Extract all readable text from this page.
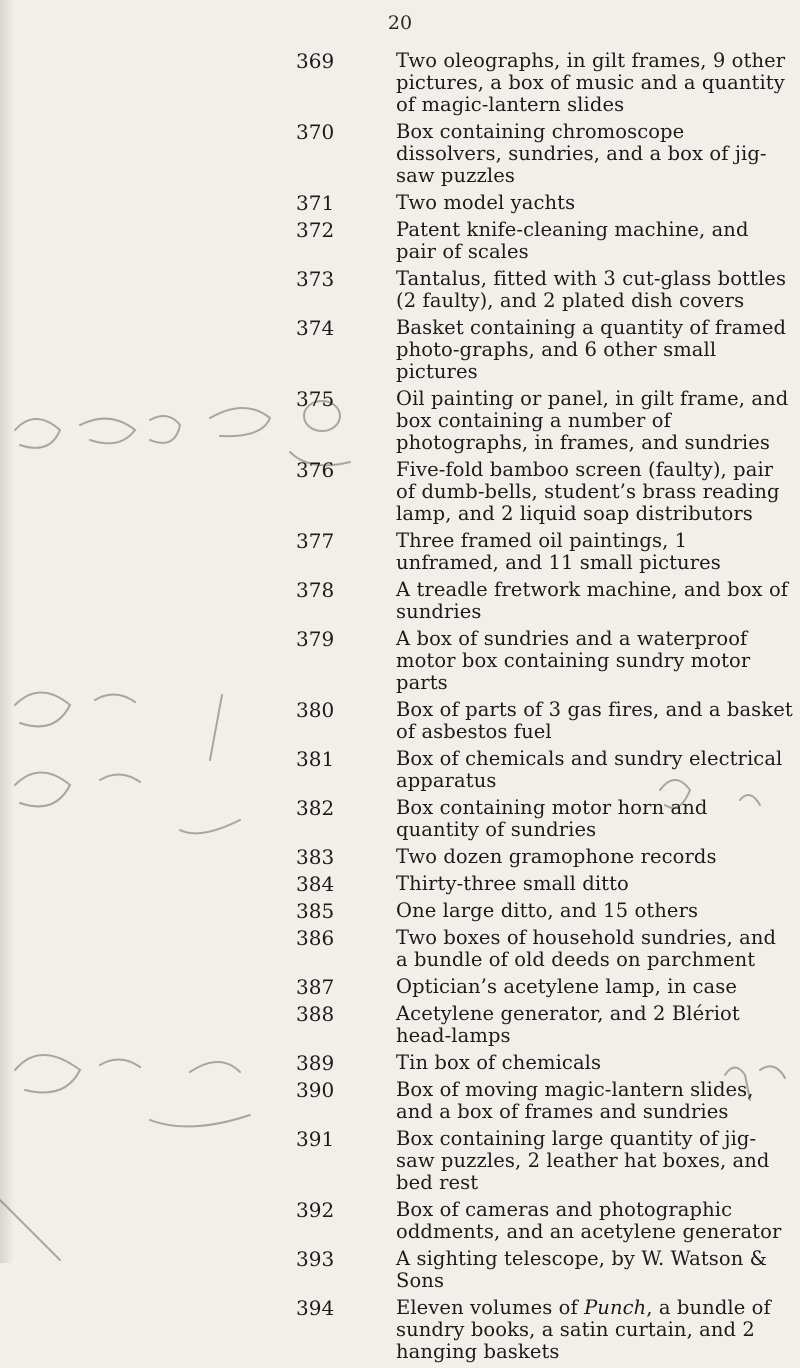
20
369	Two oleographs, in gilt frames, 9 other pictures, a box of music and a quantity of magic-lantern slides
370	Box containing chromoscope dissolvers, sundries, and a box of jig-saw puzzles
371	Two model yachts
372	Patent knife-cleaning machine, and pair of scales
373	Tantalus, fitted with 3 cut-glass bottles (2 faulty), and 2 plated dish covers
374	Basket containing a quantity of framed photo-graphs, and 6 other small pictures
375	Oil painting or panel, in gilt frame, and box containing a number of photographs, in frames, and sundries
376	Five-fold bamboo screen (faulty), pair of dumb-bells, student’s brass reading lamp, and 2 liquid soap distributors
377	Three framed oil paintings, 1 unframed, and 11 small pictures
378	A treadle fretwork machine, and box of sundries
379	A box of sundries and a waterproof motor box containing sundry motor parts
380	Box of parts of 3 gas fires, and a basket of asbestos fuel
381	Box of chemicals and sundry electrical apparatus
382	Box containing motor horn and quantity of sundries
383	Two dozen gramophone records
384	Thirty-three small ditto
385	One large ditto, and 15 others
386	Two boxes of household sundries, and a bundle of old deeds on parchment
387	Optician’s acetylene lamp, in case
388	Acetylene generator, and 2 Blériot head-lamps
389	Tin box of chemicals
390	Box of moving magic-lantern slides, and a box of frames and sundries
391	Box containing large quantity of jig-saw puzzles, 2 leather hat boxes, and bed rest
392	Box of cameras and photographic oddments, and an acetylene generator
393	A sighting telescope, by W. Watson & Sons
394	Eleven volumes of Punch, a bundle of sundry books, a satin curtain, and 2 hanging baskets
